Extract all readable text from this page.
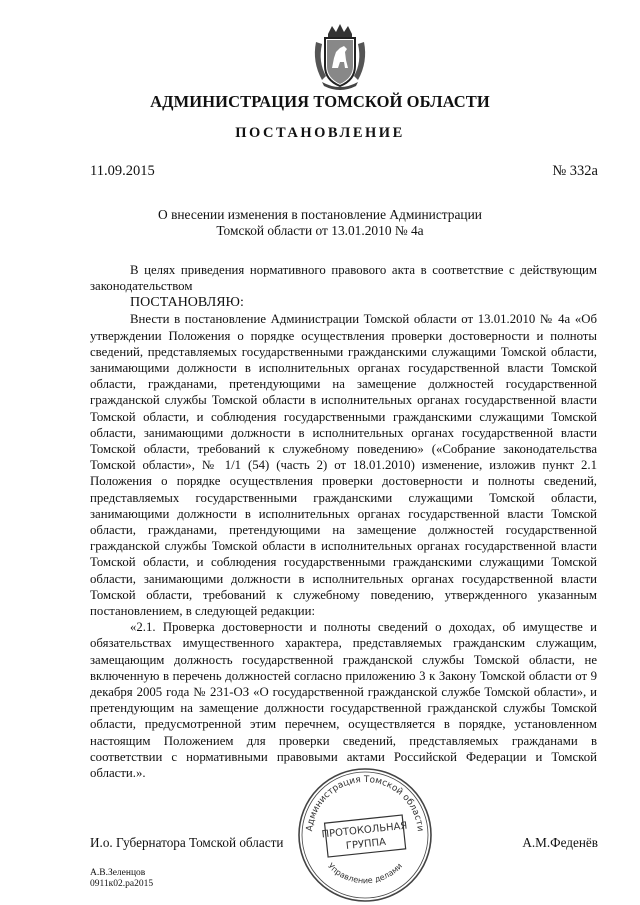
АДМИНИСТРАЦИЯ ТОМСКОЙ ОБЛАСТИ
ПОСТАНОВЛЕНИЕ
11.09.2015	№ 332а
О внесении изменения в постановление Администрации
Томской области от 13.01.2010 № 4а

В целях приведения нормативного правового акта в соответствие с действующим законодательством

ПОСТАНОВЛЯЮ:

Внести в постановление Администрации Томской области от 13.01.2010 № 4а «Об утверждении Положения о порядке осуществления проверки достоверности и полноты сведений, представляемых государственными гражданскими служащими Томской области, занимающими должности в исполнительных органах государственной власти Томской области, гражданами, претендующими на замещение должностей государственной гражданской службы Томской области в исполнительных органах государственной власти Томской области, и соблюдения государственными гражданскими служащими Томской области, занимающими должности в исполнительных органах государственной власти Томской области, требований к служебному поведению» («Собрание законодательства Томской области», № 1/1 (54) (часть 2) от 18.01.2010) изменение, изложив пункт 2.1 Положения о порядке осуществления проверки достоверности и полноты сведений, представляемых государственными гражданскими служащими Томской области, занимающими должности в исполнительных органах государственной власти Томской области, гражданами, претендующими на замещение должностей государственной гражданской службы Томской области в исполнительных органах государственной власти Томской области, и соблюдения государственными гражданскими служащими Томской области, занимающими должности в исполнительных органах государственной власти Томской области, требований к служебному поведению, утвержденного указанным постановлением, в следующей редакции:

«2.1. Проверка достоверности и полноты сведений о доходах, об имуществе и обязательствах имущественного характера, представляемых гражданским служащим, замещающим должность государственной гражданской службы Томской области, не включенную в перечень должностей согласно приложению 3 к Закону Томской области от 9 декабря 2005 года № 231-ОЗ «О государственной гражданской службе Томской области», и претендующим на замещение должности государственной гражданской службы Томской области, предусмотренной этим перечнем, осуществляется в порядке, установленном настоящим Положением для проверки сведений, представляемых гражданами в соответствии с нормативными правовыми актами Российской Федерации и Томской области.».

И.о. Губернатора Томской области	А.М.Феденёв
Администрация Томской области
Управление делами
ПРОТОКОЛЬНАЯ
ГРУППА
А.В.Зеленцов
0911к02.ра2015
